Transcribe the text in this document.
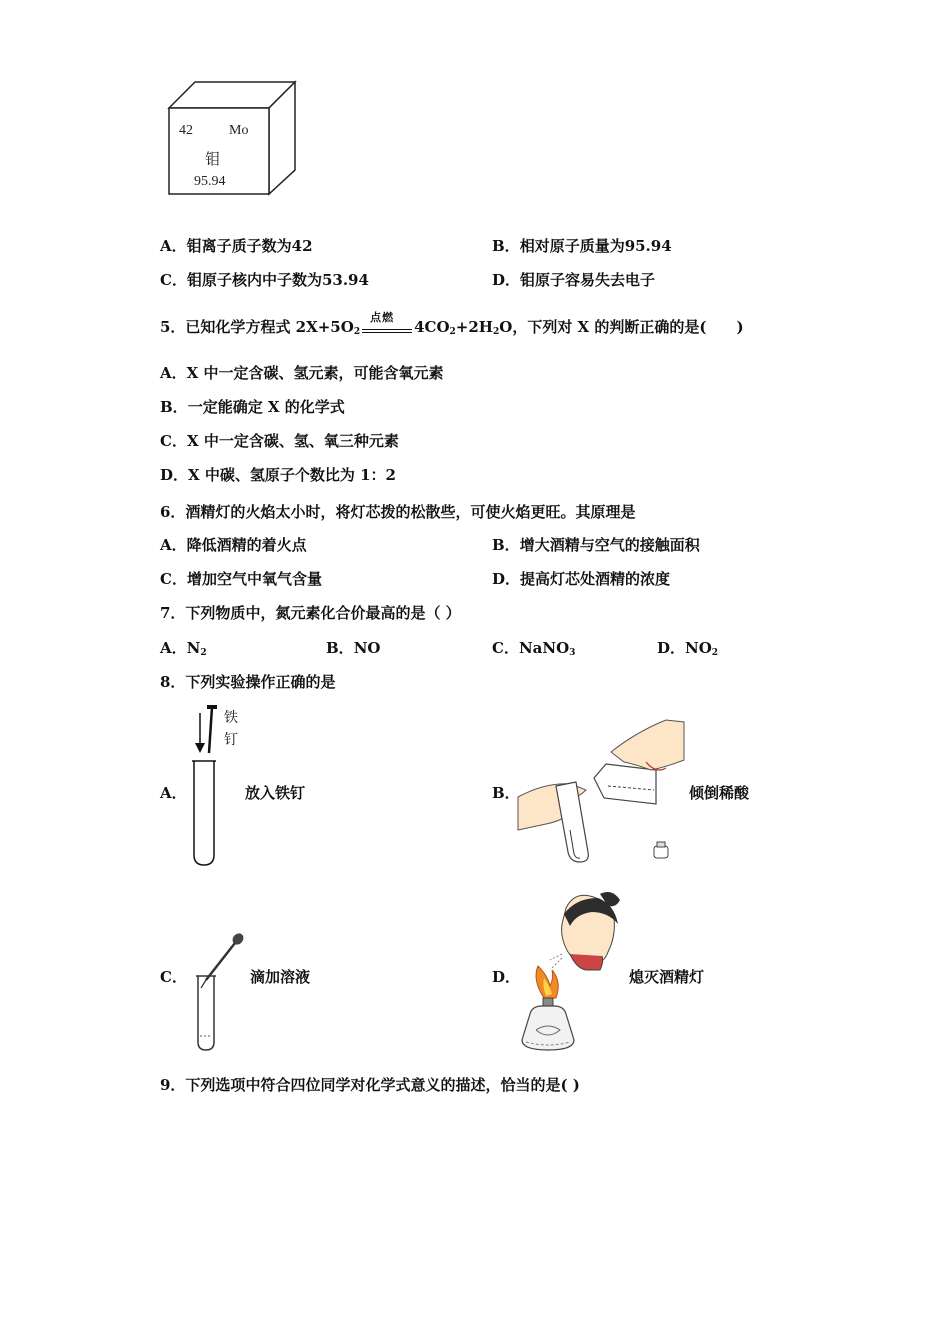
42	Mo
钼
95.94
A．钼离子质子数为42	B．相对原子质量为95.94
C．钼原子核内中子数为53.94	D．钼原子容易失去电子
5．已知化学方程式 $2X+5O_2$
点燃
$4CO_2+2H_2O$，下列对 X 的判断正确的是(　　)
A．X 中一定含碳、氢元素，可能含氧元素
B．一定能确定 X 的化学式
C．X 中一定含碳、氢、氧三种元素
D．X 中碳、氢原子个数比为 1：2
6．酒精灯的火焰太小时，将灯芯拨的松散些，可使火焰更旺。其原理是
A．降低酒精的着火点	B．增大酒精与空气的接触面积
C．增加空气中氧气含量	D．提高灯芯处酒精的浓度
7．下列物质中，氮元素化合价最高的是（ ）
A．$N_2$	B．NO	C．NaNO$_3$	D．$NO_2$
8．下列实验操作正确的是
A．
铁
钉
放入铁钉	B．	倾倒稀酸
C．	滴加溶液	D．	熄灭酒精灯
9．下列选项中符合四位同学对化学式意义的描述，恰当的是( )
